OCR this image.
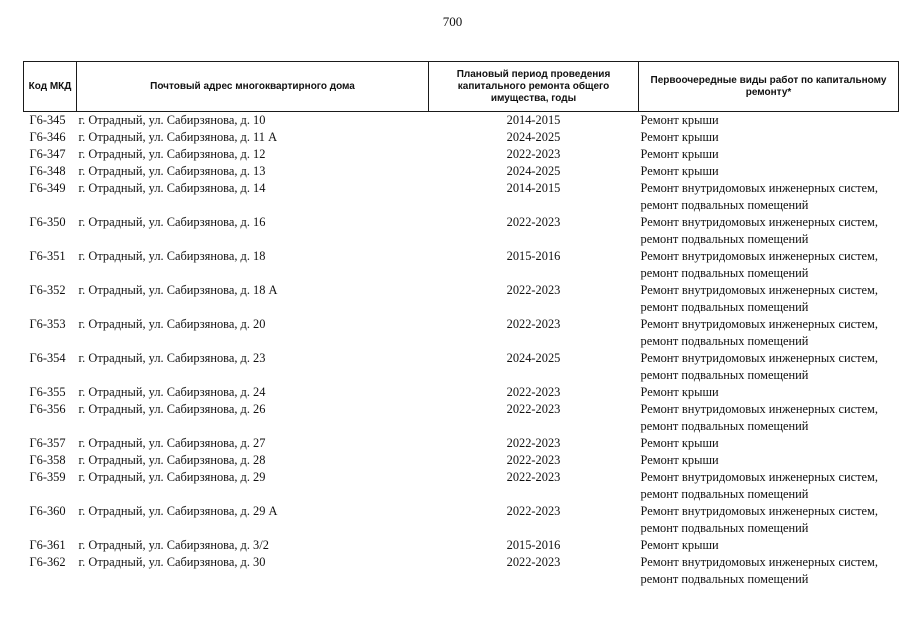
700
Код МКД	Почтовый адрес многоквартирного дома	Плановый период проведения капитального ремонта общего имущества, годы	Первоочередные виды работ по капитальному ремонту*
Г6-345	г. Отрадный, ул. Сабирзянова, д. 10	2014-2015	Ремонт крыши

Г6-346	г. Отрадный, ул. Сабирзянова, д. 11 А	2024-2025	Ремонт крыши

Г6-347	г. Отрадный, ул. Сабирзянова, д. 12	2022-2023	Ремонт крыши

Г6-348	г. Отрадный, ул. Сабирзянова, д. 13	2024-2025	Ремонт крыши

Г6-349	г. Отрадный, ул. Сабирзянова, д. 14	2014-2015	Ремонт внутридомовых инженерных систем, ремонт подвальных помещений

Г6-350	г. Отрадный, ул. Сабирзянова, д. 16	2022-2023	Ремонт внутридомовых инженерных систем, ремонт подвальных помещений

Г6-351	г. Отрадный, ул. Сабирзянова, д. 18	2015-2016	Ремонт внутридомовых инженерных систем, ремонт подвальных помещений

Г6-352	г. Отрадный, ул. Сабирзянова, д. 18 А	2022-2023	Ремонт внутридомовых инженерных систем, ремонт подвальных помещений

Г6-353	г. Отрадный, ул. Сабирзянова, д. 20	2022-2023	Ремонт внутридомовых инженерных систем, ремонт подвальных помещений

Г6-354	г. Отрадный, ул. Сабирзянова, д. 23	2024-2025	Ремонт внутридомовых инженерных систем, ремонт подвальных помещений

Г6-355	г. Отрадный, ул. Сабирзянова, д. 24	2022-2023	Ремонт крыши

Г6-356	г. Отрадный, ул. Сабирзянова, д. 26	2022-2023	Ремонт внутридомовых инженерных систем, ремонт подвальных помещений

Г6-357	г. Отрадный, ул. Сабирзянова, д. 27	2022-2023	Ремонт крыши

Г6-358	г. Отрадный, ул. Сабирзянова, д. 28	2022-2023	Ремонт крыши

Г6-359	г. Отрадный, ул. Сабирзянова, д. 29	2022-2023	Ремонт внутридомовых инженерных систем, ремонт подвальных помещений

Г6-360	г. Отрадный, ул. Сабирзянова, д. 29 А	2022-2023	Ремонт внутридомовых инженерных систем, ремонт подвальных помещений

Г6-361	г. Отрадный, ул. Сабирзянова, д. 3/2	2015-2016	Ремонт крыши

Г6-362	г. Отрадный, ул. Сабирзянова, д. 30	2022-2023	Ремонт внутридомовых инженерных систем, ремонт подвальных помещений
